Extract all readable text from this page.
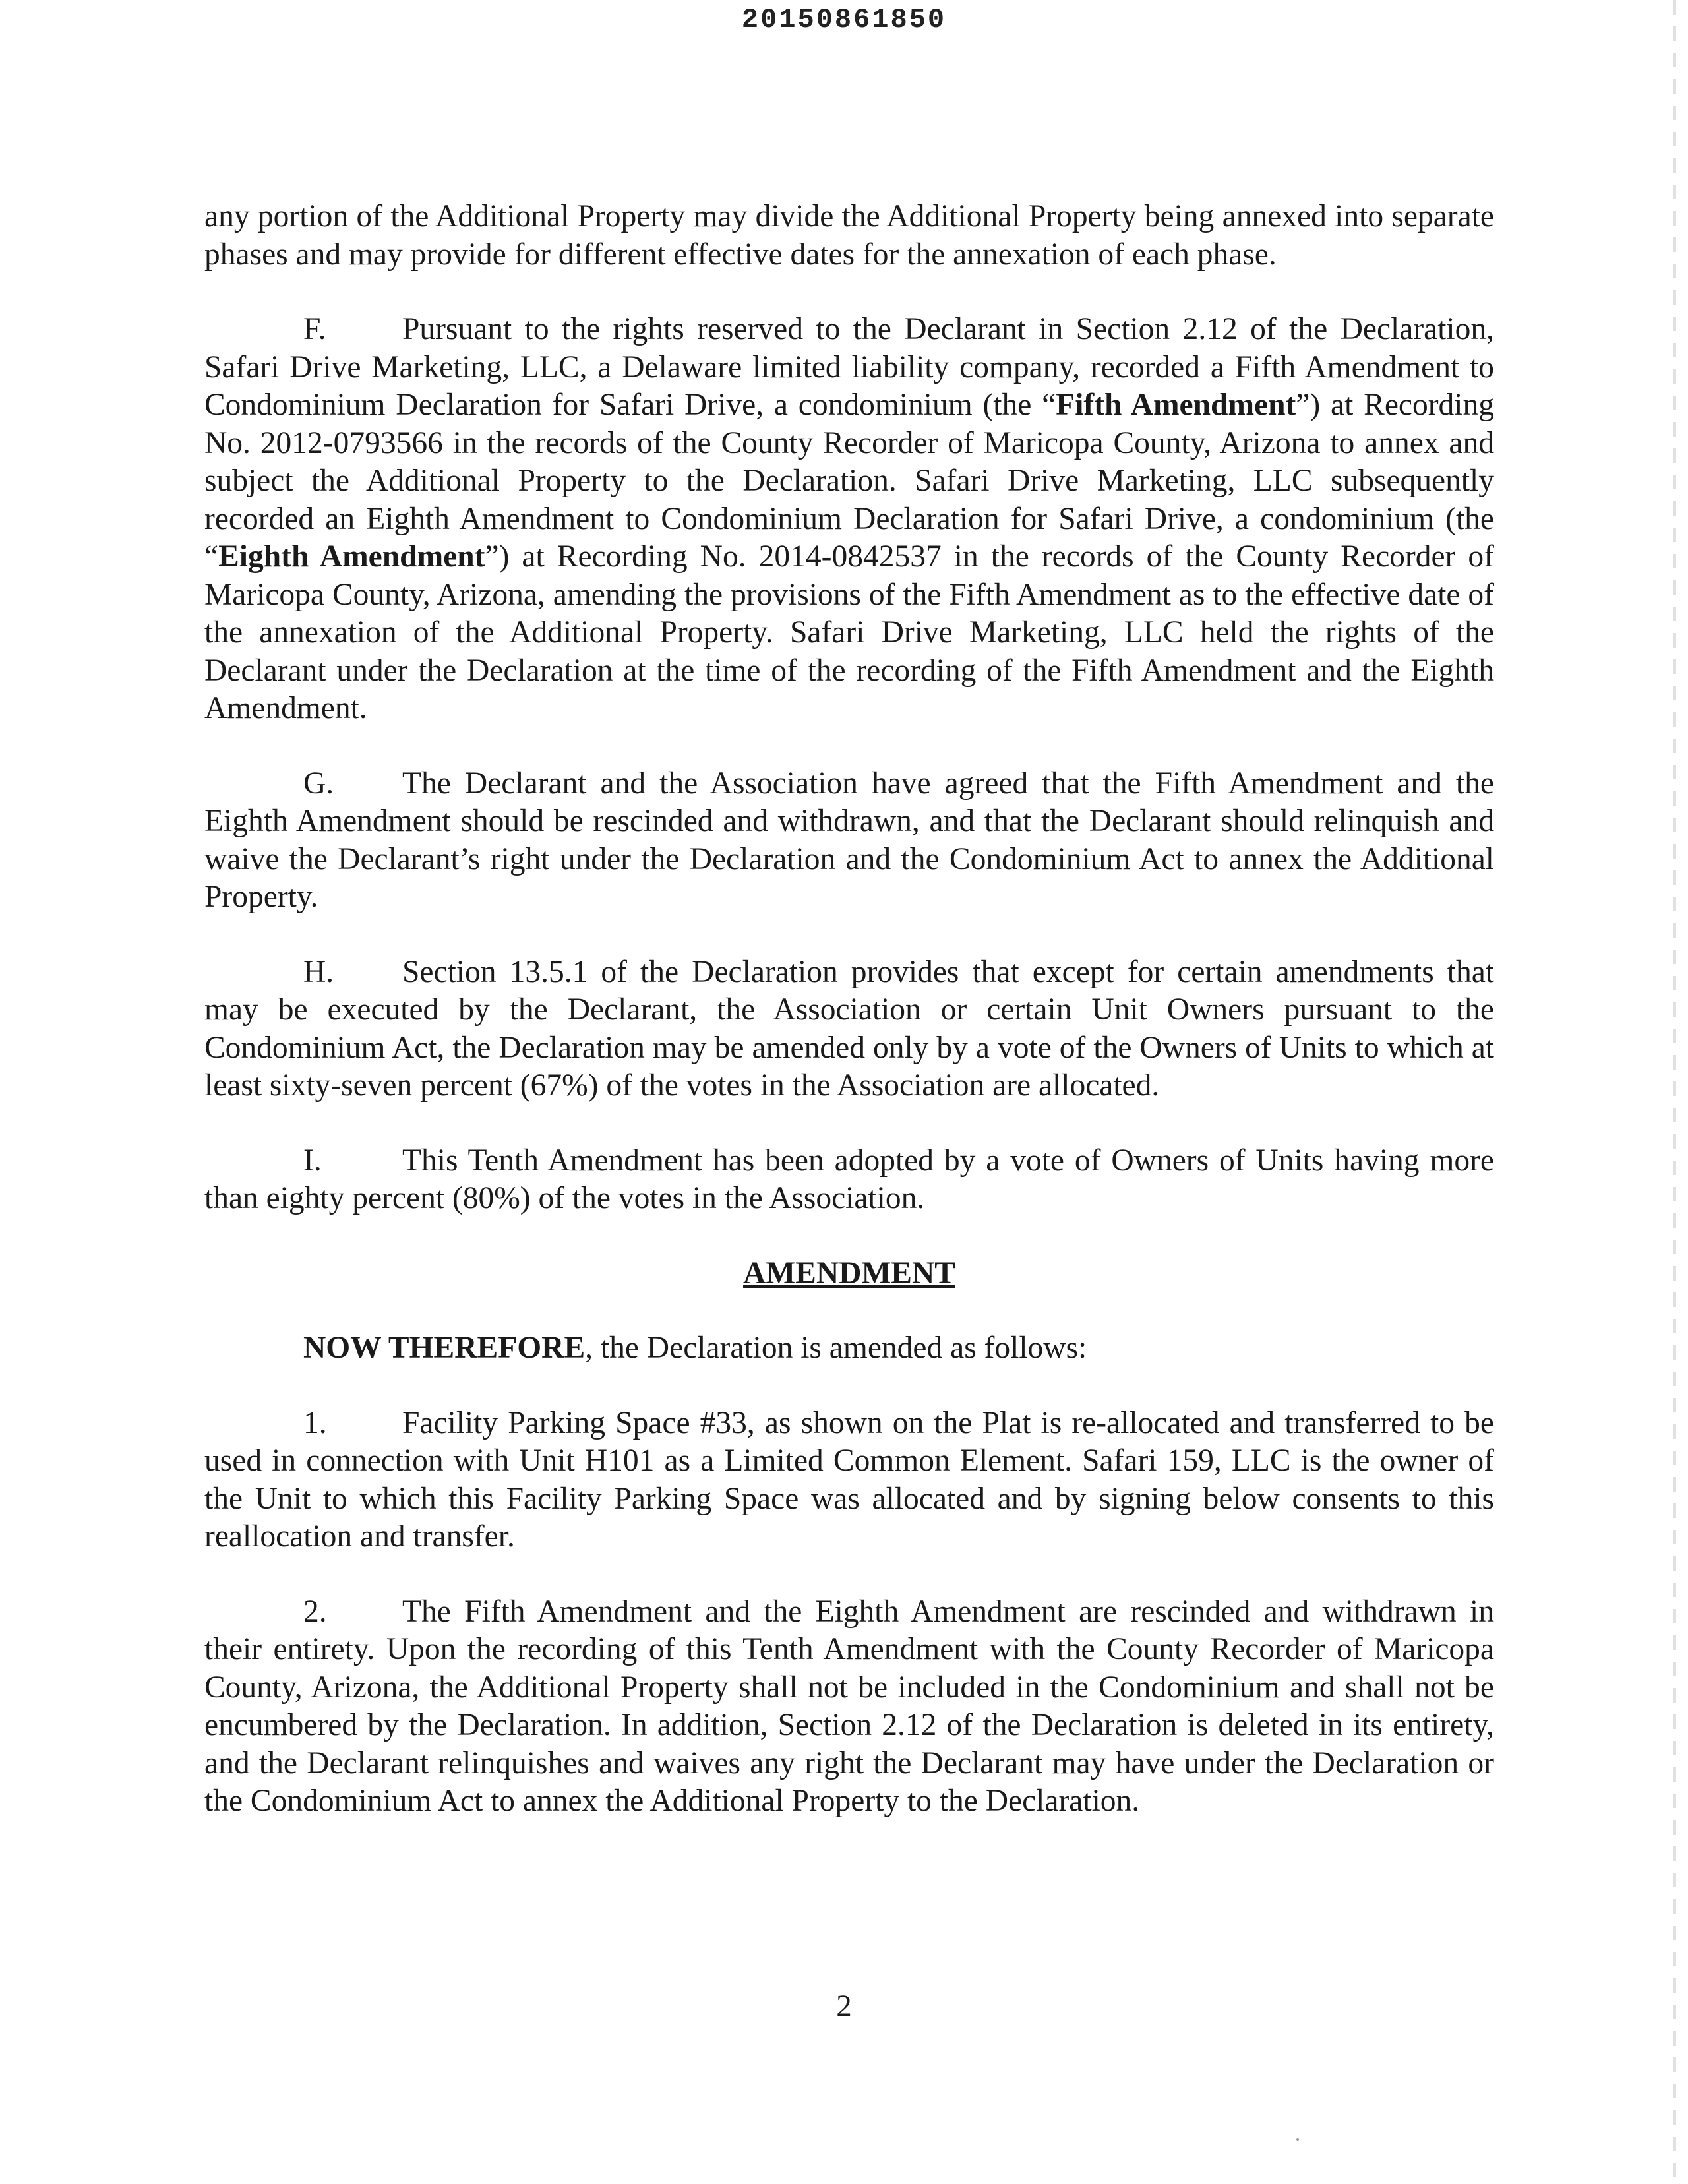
20150861850

any portion of the Additional Property may divide the Additional Property being annexed into separate phases and may provide for different effective dates for the annexation of each phase.

F. Pursuant to the rights reserved to the Declarant in Section 2.12 of the Declaration, Safari Drive Marketing, LLC, a Delaware limited liability company, recorded a Fifth Amendment to Condominium Declaration for Safari Drive, a condominium (the “Fifth Amendment”) at Recording No. 2012-0793566 in the records of the County Recorder of Maricopa County, Arizona to annex and subject the Additional Property to the Declaration. Safari Drive Marketing, LLC subsequently recorded an Eighth Amendment to Condominium Declaration for Safari Drive, a condominium (the “Eighth Amendment”) at Recording No. 2014-0842537 in the records of the County Recorder of Maricopa County, Arizona, amending the provisions of the Fifth Amendment as to the effective date of the annexation of the Additional Property. Safari Drive Marketing, LLC held the rights of the Declarant under the Declaration at the time of the recording of the Fifth Amendment and the Eighth Amendment.

G. The Declarant and the Association have agreed that the Fifth Amendment and the Eighth Amendment should be rescinded and withdrawn, and that the Declarant should relinquish and waive the Declarant’s right under the Declaration and the Condominium Act to annex the Additional Property.

H. Section 13.5.1 of the Declaration provides that except for certain amendments that may be executed by the Declarant, the Association or certain Unit Owners pursuant to the Condominium Act, the Declaration may be amended only by a vote of the Owners of Units to which at least sixty-seven percent (67%) of the votes in the Association are allocated.

I.	This Tenth Amendment has been adopted by a vote of Owners of Units having more than eighty percent (80%) of the votes in the Association.

AMENDMENT

NOW THEREFORE, the Declaration is amended as follows:

1. Facility Parking Space #33, as shown on the Plat is re-allocated and transferred to be used in connection with Unit H101 as a Limited Common Element. Safari 159, LLC is the owner of the Unit to which this Facility Parking Space was allocated and by signing below consents to this reallocation and transfer.

2. The Fifth Amendment and the Eighth Amendment are rescinded and withdrawn in their entirety. Upon the recording of this Tenth Amendment with the County Recorder of Maricopa County, Arizona, the Additional Property shall not be included in the Condominium and shall not be encumbered by the Declaration. In addition, Section 2.12 of the Declaration is deleted in its entirety, and the Declarant relinquishes and waives any right the Declarant may have under the Declaration or the Condominium Act to annex the Additional Property to the Declaration.

2
